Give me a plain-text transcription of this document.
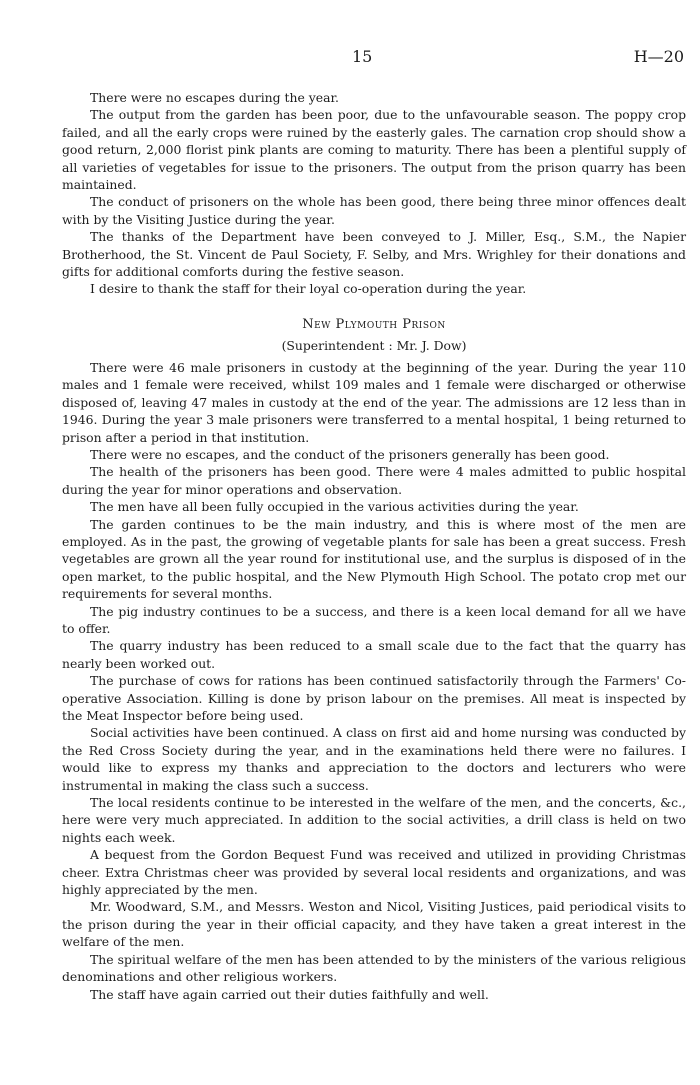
15	H—20

There were no escapes during the year.

The output from the garden has been poor, due to the unfavourable season. The poppy crop failed, and all the early crops were ruined by the easterly gales. The carnation crop should show a good return, 2,000 florist pink plants are coming to maturity. There has been a plentiful supply of all varieties of vegetables for issue to the prisoners. The output from the prison quarry has been maintained.

The conduct of prisoners on the whole has been good, there being three minor offences dealt with by the Visiting Justice during the year.

The thanks of the Department have been conveyed to J. Miller, Esq., S.M., the Napier Brotherhood, the St. Vincent de Paul Society, F. Selby, and Mrs. Wrighley for their donations and gifts for additional comforts during the festive season.

I desire to thank the staff for their loyal co-operation during the year.

New Plymouth Prison
(Superintendent : Mr. J. Dow)

There were 46 male prisoners in custody at the beginning of the year. During the year 110 males and 1 female were received, whilst 109 males and 1 female were discharged or otherwise disposed of, leaving 47 males in custody at the end of the year. The admissions are 12 less than in 1946. During the year 3 male prisoners were transferred to a mental hospital, 1 being returned to prison after a period in that institution.

There were no escapes, and the conduct of the prisoners generally has been good.

The health of the prisoners has been good. There were 4 males admitted to public hospital during the year for minor operations and observation.

The men have all been fully occupied in the various activities during the year.

The garden continues to be the main industry, and this is where most of the men are employed. As in the past, the growing of vegetable plants for sale has been a great success. Fresh vegetables are grown all the year round for institutional use, and the surplus is disposed of in the open market, to the public hospital, and the New Plymouth High School. The potato crop met our requirements for several months.

The pig industry continues to be a success, and there is a keen local demand for all we have to offer.

The quarry industry has been reduced to a small scale due to the fact that the quarry has nearly been worked out.

The purchase of cows for rations has been continued satisfactorily through the Farmers' Co-operative Association. Killing is done by prison labour on the premises. All meat is inspected by the Meat Inspector before being used.

Social activities have been continued. A class on first aid and home nursing was conducted by the Red Cross Society during the year, and in the examinations held there were no failures. I would like to express my thanks and appreciation to the doctors and lecturers who were instrumental in making the class such a success.

The local residents continue to be interested in the welfare of the men, and the concerts, &c., here were very much appreciated. In addition to the social activities, a drill class is held on two nights each week.

A bequest from the Gordon Bequest Fund was received and utilized in providing Christmas cheer. Extra Christmas cheer was provided by several local residents and organizations, and was highly appreciated by the men.

Mr. Woodward, S.M., and Messrs. Weston and Nicol, Visiting Justices, paid periodical visits to the prison during the year in their official capacity, and they have taken a great interest in the welfare of the men.

The spiritual welfare of the men has been attended to by the ministers of the various religious denominations and other religious workers.

The staff have again carried out their duties faithfully and well.
